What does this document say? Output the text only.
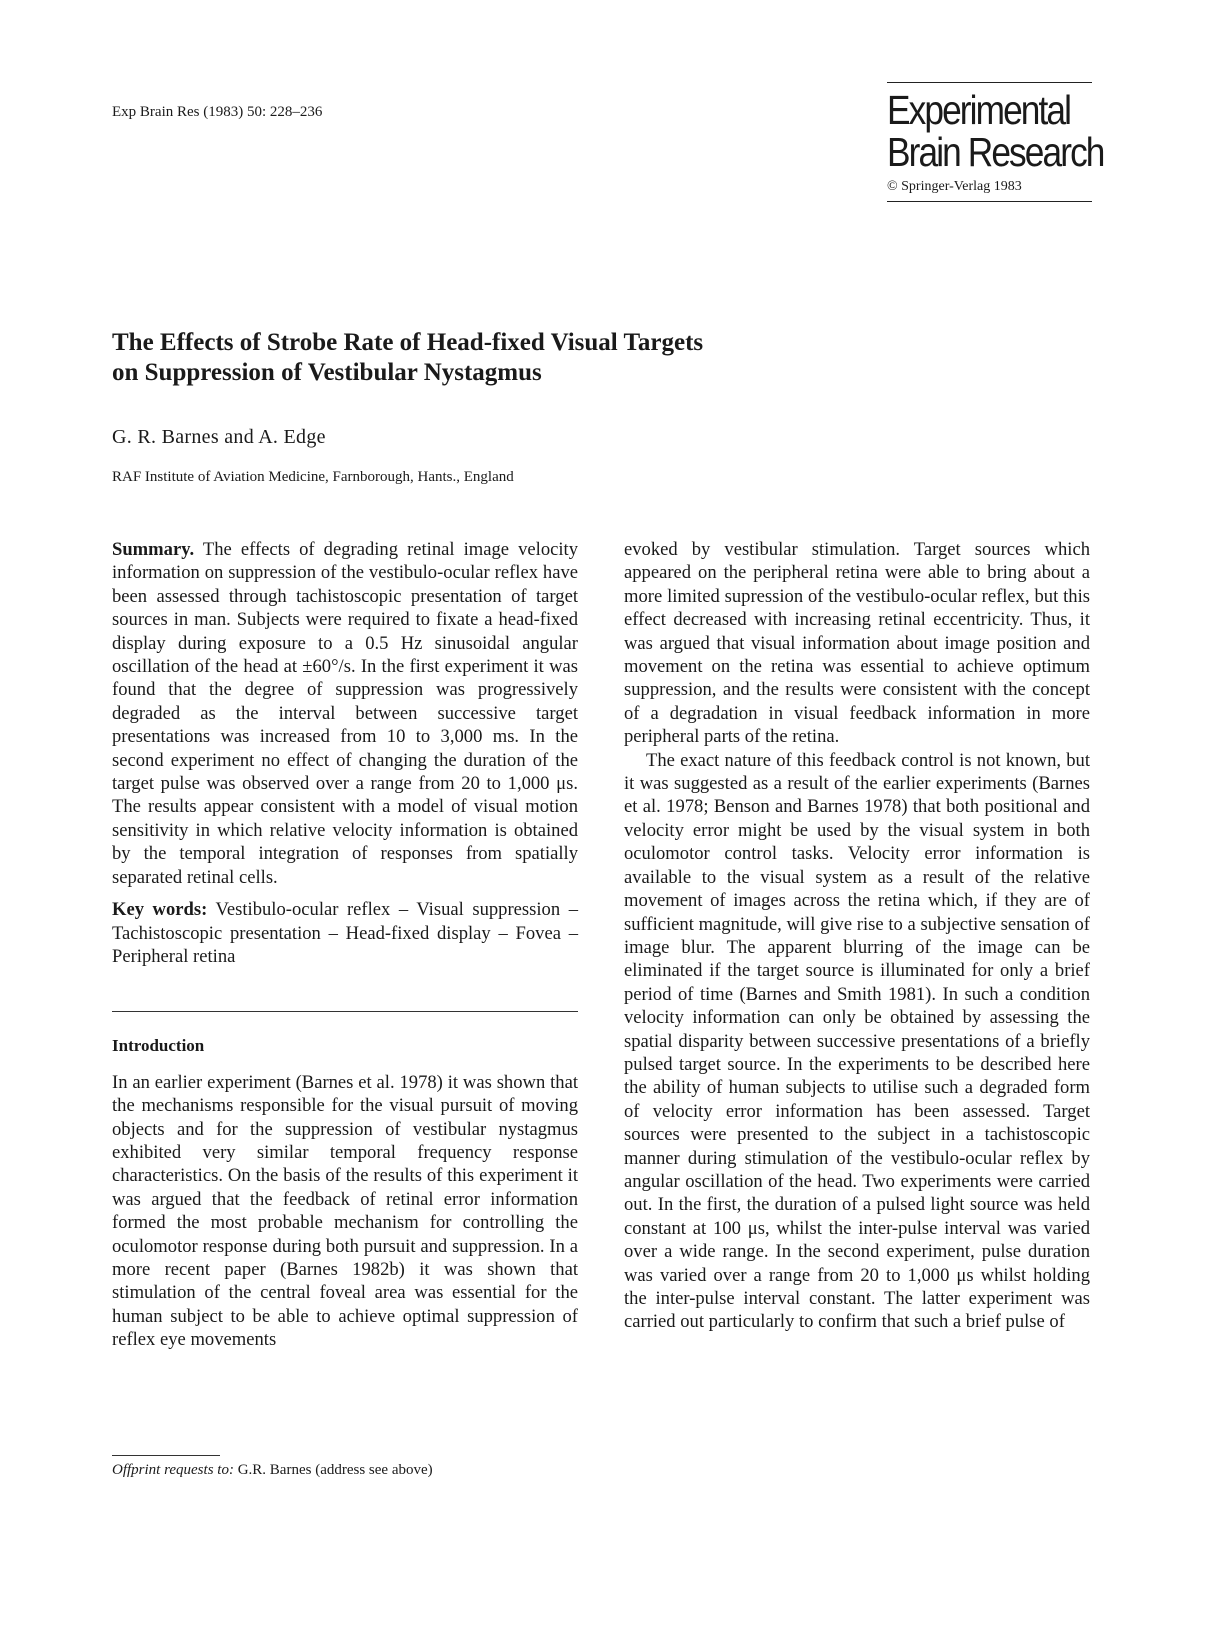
Exp Brain Res (1983) 50: 228–236	Experimental
Brain Research
© Springer-Verlag 1983
The Effects of Strobe Rate of Head-fixed Visual Targets
on Suppression of Vestibular Nystagmus
G. R. Barnes and A. Edge
RAF Institute of Aviation Medicine, Farnborough, Hants., England

Summary. The effects of degrading retinal image velocity information on suppression of the vestibulo-ocular reflex have been assessed through tachistoscopic presentation of target sources in man. Subjects were required to fixate a head-fixed display during exposure to a 0.5 Hz sinusoidal angular oscillation of the head at ±60°/s. In the first experiment it was found that the degree of suppression was progressively degraded as the interval between successive target presentations was increased from 10 to 3,000 ms. In the second experiment no effect of changing the duration of the target pulse was observed over a range from 20 to 1,000 μs. The results appear consistent with a model of visual motion sensitivity in which relative velocity information is obtained by the temporal integration of responses from spatially separated retinal cells.

Key words: Vestibulo-ocular reflex – Visual suppression – Tachistoscopic presentation – Head-fixed display – Fovea – Peripheral retina

Introduction

In an earlier experiment (Barnes et al. 1978) it was shown that the mechanisms responsible for the visual pursuit of moving objects and for the suppression of vestibular nystagmus exhibited very similar temporal frequency response characteristics. On the basis of the results of this experiment it was argued that the feedback of retinal error information formed the most probable mechanism for controlling the oculomotor response during both pursuit and suppression. In a more recent paper (Barnes 1982b) it was shown that stimulation of the central foveal area was essential for the human subject to be able to achieve optimal suppression of reflex eye movements

evoked by vestibular stimulation. Target sources which appeared on the peripheral retina were able to bring about a more limited supression of the vestibulo-ocular reflex, but this effect decreased with increasing retinal eccentricity. Thus, it was argued that visual information about image position and movement on the retina was essential to achieve optimum suppression, and the results were consistent with the concept of a degradation in visual feedback information in more peripheral parts of the retina.

The exact nature of this feedback control is not known, but it was suggested as a result of the earlier experiments (Barnes et al. 1978; Benson and Barnes 1978) that both positional and velocity error might be used by the visual system in both oculomotor control tasks. Velocity error information is available to the visual system as a result of the relative movement of images across the retina which, if they are of sufficient magnitude, will give rise to a subjective sensation of image blur. The apparent blurring of the image can be eliminated if the target source is illuminated for only a brief period of time (Barnes and Smith 1981). In such a condition velocity information can only be obtained by assessing the spatial disparity between successive presentations of a briefly pulsed target source. In the experiments to be described here the ability of human subjects to utilise such a degraded form of velocity error information has been assessed. Target sources were presented to the subject in a tachistoscopic manner during stimulation of the vestibulo-ocular reflex by angular oscillation of the head. Two experiments were carried out. In the first, the duration of a pulsed light source was held constant at 100 μs, whilst the inter-pulse interval was varied over a wide range. In the second experiment, pulse duration was varied over a range from 20 to 1,000 μs whilst holding the inter-pulse interval constant. The latter experiment was carried out particularly to confirm that such a brief pulse of

Offprint requests to: G.R. Barnes (address see above)
